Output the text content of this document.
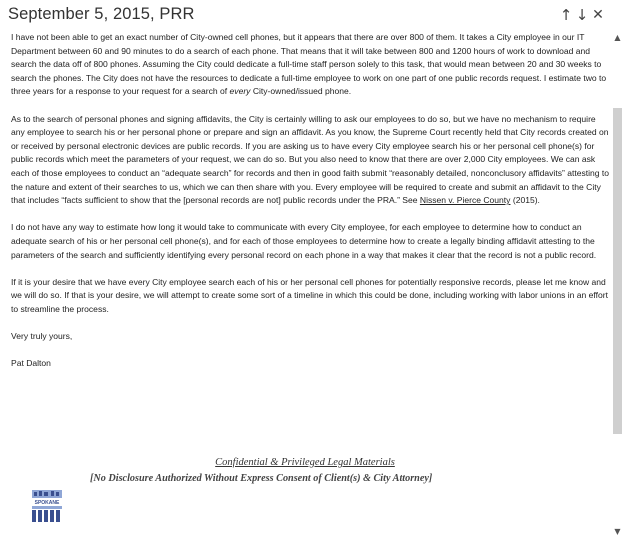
September 5, 2015, PRR	↑ ↓ ✕

I have not been able to get an exact number of City-owned cell phones, but it appears that there are over 800 of them. It takes a City employee in our IT Department between 60 and 90 minutes to do a search of each phone. That means that it will take between 800 and 1200 hours of work to download and search the data off of 800 phones. Assuming the City could dedicate a full-time staff person solely to this task, that would mean between 20 and 30 weeks to search the phones. The City does not have the resources to dedicate a full-time employee to work on one part of one public records request. I estimate two to three years for a response to your request for a search of every City-owned/issued phone.

As to the search of personal phones and signing affidavits, the City is certainly willing to ask our employees to do so, but we have no mechanism to require any employee to search his or her personal phone or prepare and sign an affidavit. As you know, the Supreme Court recently held that City records created on or received by personal electronic devices are public records. If you are asking us to have every City employee search his or her personal cell phone(s) for public records which meet the parameters of your request, we can do so. But you also need to know that there are over 2,000 City employees. We can ask each of those employees to conduct an “adequate search” for records and then in good faith submit “reasonably detailed, nonconclusory affidavits” attesting to the nature and extent of their searches to us, which we can then share with you. Every employee will be required to create and submit an affidavit to the City that includes “facts sufficient to show that the [personal records are not] public records under the PRA.” See Nissen v. Pierce County (2015).

I do not have any way to estimate how long it would take to communicate with every City employee, for each employee to determine how to conduct an adequate search of his or her personal cell phone(s), and for each of those employees to determine how to create a legally binding affidavit attesting to the parameters of the search and sufficiently identifying every personal record on each phone in a way that makes it clear that the record is not a public record.

If it is your desire that we have every City employee search each of his or her personal cell phones for potentially responsive records, please let me know and we will do so. If that is your desire, we will attempt to create some sort of a timeline in which this could be done, including working with labor unions in an effort to streamline the process.

Very truly yours,

Pat Dalton

Confidential & Privileged Legal Materials
[No Disclosure Authorized Without Express Consent of Client(s) & City Attorney]
SPOKANE
▲
▼
